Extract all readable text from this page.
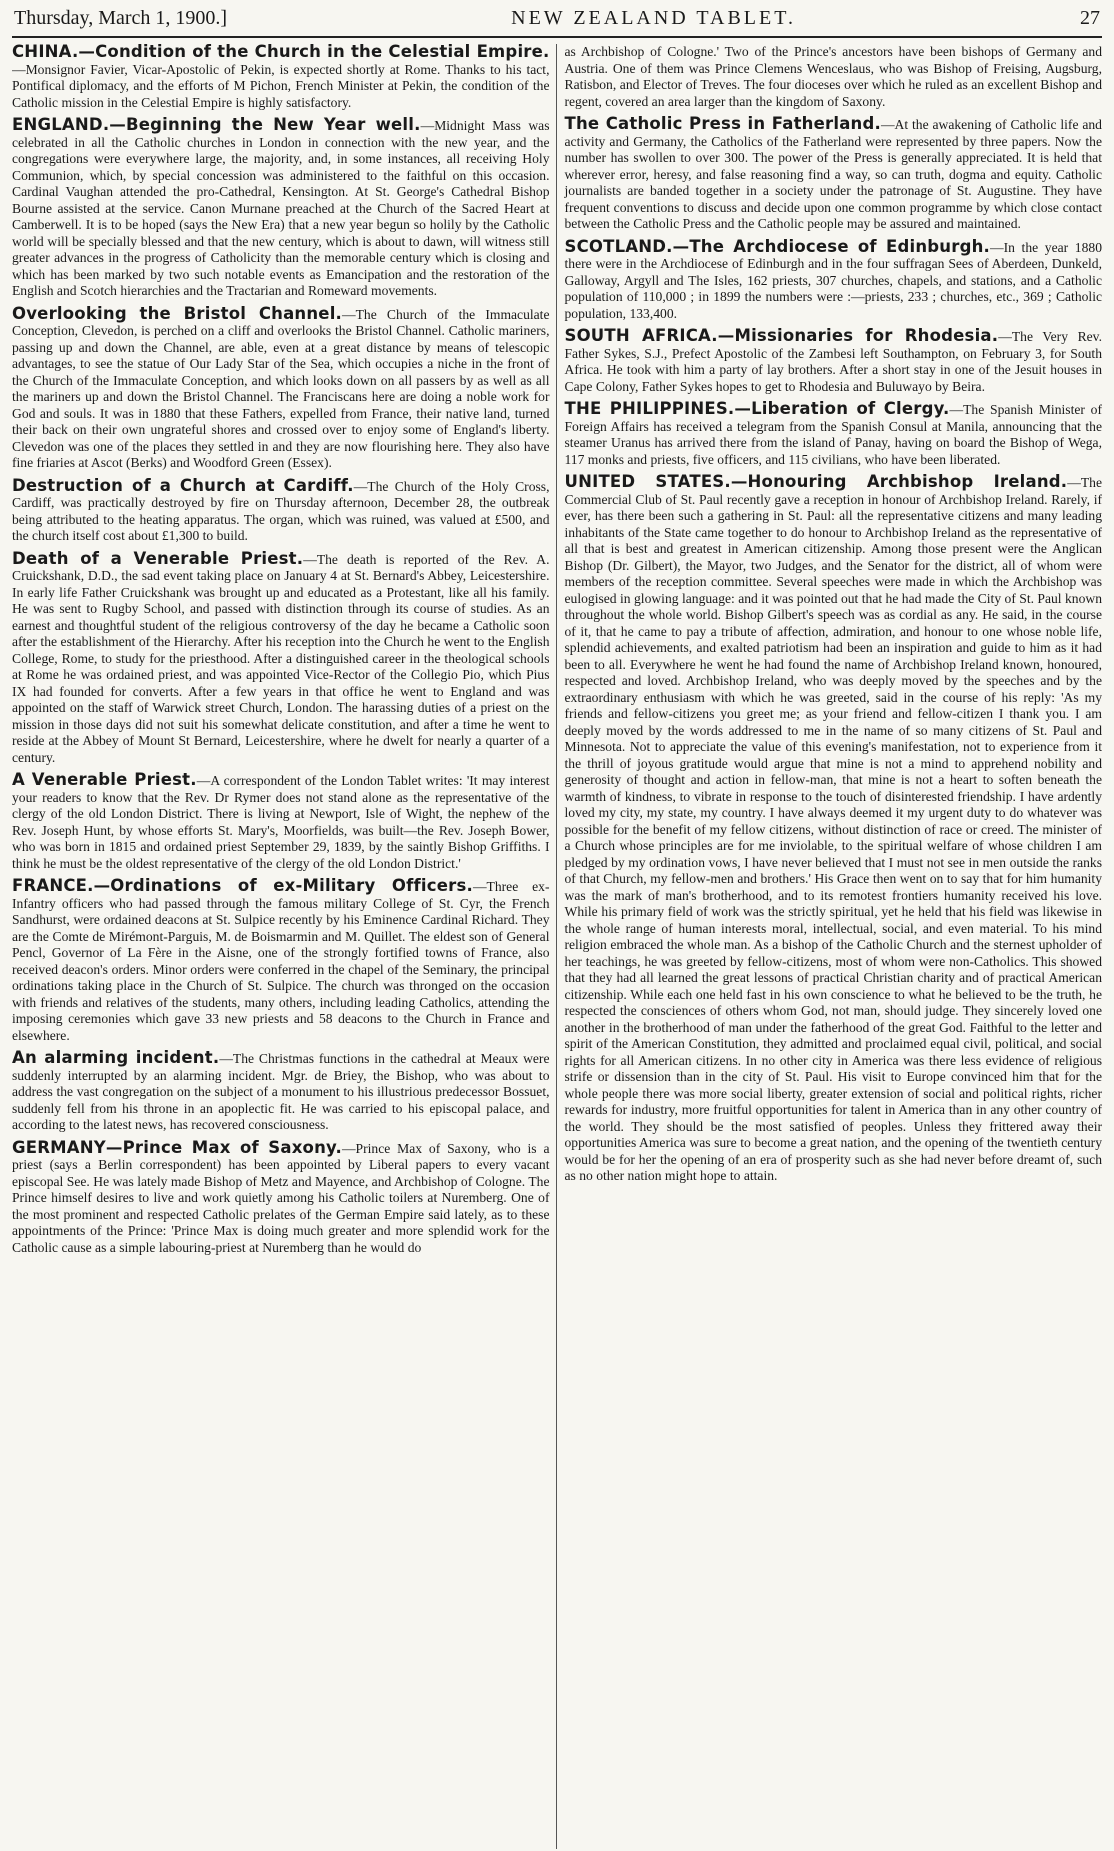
Thursday, March 1, 1900.]	NEW ZEALAND TABLET.	27

CHINA.—Condition of the Church in the Celestial Empire.—Monsignor Favier, Vicar-Apostolic of Pekin, is expected shortly at Rome. Thanks to his tact, Pontifical diplomacy, and the efforts of M Pichon, French Minister at Pekin, the condition of the Catholic mission in the Celestial Empire is highly satisfactory.

ENGLAND.—Beginning the New Year well.—Midnight Mass was celebrated in all the Catholic churches in London in connection with the new year, and the congregations were everywhere large, the majority, and, in some instances, all receiving Holy Communion, which, by special concession was administered to the faithful on this occasion. Cardinal Vaughan attended the pro-Cathedral, Kensington. At St. George's Cathedral Bishop Bourne assisted at the service. Canon Murnane preached at the Church of the Sacred Heart at Camberwell. It is to be hoped (says the New Era) that a new year begun so holily by the Catholic world will be specially blessed and that the new century, which is about to dawn, will witness still greater advances in the progress of Catholicity than the memorable century which is closing and which has been marked by two such notable events as Emancipation and the restoration of the English and Scotch hierarchies and the Tractarian and Romeward movements.

Overlooking the Bristol Channel.—The Church of the Immaculate Conception, Clevedon, is perched on a cliff and overlooks the Bristol Channel. Catholic mariners, passing up and down the Channel, are able, even at a great distance by means of telescopic advantages, to see the statue of Our Lady Star of the Sea, which occupies a niche in the front of the Church of the Immaculate Conception, and which looks down on all passers by as well as all the mariners up and down the Bristol Channel. The Franciscans here are doing a noble work for God and souls. It was in 1880 that these Fathers, expelled from France, their native land, turned their back on their own ungrateful shores and crossed over to enjoy some of England's liberty. Clevedon was one of the places they settled in and they are now flourishing here. They also have fine friaries at Ascot (Berks) and Woodford Green (Essex).

Destruction of a Church at Cardiff.—The Church of the Holy Cross, Cardiff, was practically destroyed by fire on Thursday afternoon, December 28, the outbreak being attributed to the heating apparatus. The organ, which was ruined, was valued at £500, and the church itself cost about £1,300 to build.

Death of a Venerable Priest.—The death is reported of the Rev. A. Cruickshank, D.D., the sad event taking place on January 4 at St. Bernard's Abbey, Leicestershire. In early life Father Cruickshank was brought up and educated as a Protestant, like all his family. He was sent to Rugby School, and passed with distinction through its course of studies. As an earnest and thoughtful student of the religious controversy of the day he became a Catholic soon after the establishment of the Hierarchy. After his reception into the Church he went to the English College, Rome, to study for the priesthood. After a distinguished career in the theological schools at Rome he was ordained priest, and was appointed Vice-Rector of the Collegio Pio, which Pius IX had founded for converts. After a few years in that office he went to England and was appointed on the staff of Warwick street Church, London. The harassing duties of a priest on the mission in those days did not suit his somewhat delicate constitution, and after a time he went to reside at the Abbey of Mount St Bernard, Leicestershire, where he dwelt for nearly a quarter of a century.

A Venerable Priest.—A correspondent of the London Tablet writes: 'It may interest your readers to know that the Rev. Dr Rymer does not stand alone as the representative of the clergy of the old London District. There is living at Newport, Isle of Wight, the nephew of the Rev. Joseph Hunt, by whose efforts St. Mary's, Moorfields, was built—the Rev. Joseph Bower, who was born in 1815 and ordained priest September 29, 1839, by the saintly Bishop Griffiths. I think he must be the oldest representative of the clergy of the old London District.'

FRANCE.—Ordinations of ex-Military Officers.—Three ex-Infantry officers who had passed through the famous military College of St. Cyr, the French Sandhurst, were ordained deacons at St. Sulpice recently by his Eminence Cardinal Richard. They are the Comte de Mirémont-Parguis, M. de Boismarmin and M. Quillet. The eldest son of General Pencl, Governor of La Fère in the Aisne, one of the strongly fortified towns of France, also received deacon's orders. Minor orders were conferred in the chapel of the Seminary, the principal ordinations taking place in the Church of St. Sulpice. The church was thronged on the occasion with friends and relatives of the students, many others, including leading Catholics, attending the imposing ceremonies which gave 33 new priests and 58 deacons to the Church in France and elsewhere.

An alarming incident.—The Christmas functions in the cathedral at Meaux were suddenly interrupted by an alarming incident. Mgr. de Briey, the Bishop, who was about to address the vast congregation on the subject of a monument to his illustrious predecessor Bossuet, suddenly fell from his throne in an apoplectic fit. He was carried to his episcopal palace, and according to the latest news, has recovered consciousness.

GERMANY—Prince Max of Saxony.—Prince Max of Saxony, who is a priest (says a Berlin correspondent) has been appointed by Liberal papers to every vacant episcopal See. He was lately made Bishop of Metz and Mayence, and Archbishop of Cologne. The Prince himself desires to live and work quietly among his Catholic toilers at Nuremberg. One of the most prominent and respected Catholic prelates of the German Empire said lately, as to these appointments of the Prince: 'Prince Max is doing much greater and more splendid work for the Catholic cause as a simple labouring-priest at Nuremberg than he would do

as Archbishop of Cologne.' Two of the Prince's ancestors have been bishops of Germany and Austria. One of them was Prince Clemens Wenceslaus, who was Bishop of Freising, Augsburg, Ratisbon, and Elector of Treves. The four dioceses over which he ruled as an excellent Bishop and regent, covered an area larger than the kingdom of Saxony.

The Catholic Press in Fatherland.—At the awakening of Catholic life and activity and Germany, the Catholics of the Fatherland were represented by three papers. Now the number has swollen to over 300. The power of the Press is generally appreciated. It is held that wherever error, heresy, and false reasoning find a way, so can truth, dogma and equity. Catholic journalists are banded together in a society under the patronage of St. Augustine. They have frequent conventions to discuss and decide upon one common programme by which close contact between the Catholic Press and the Catholic people may be assured and maintained.

SCOTLAND.—The Archdiocese of Edinburgh.—In the year 1880 there were in the Archdiocese of Edinburgh and in the four suffragan Sees of Aberdeen, Dunkeld, Galloway, Argyll and The Isles, 162 priests, 307 churches, chapels, and stations, and a Catholic population of 110,000 ; in 1899 the numbers were :—priests, 233 ; churches, etc., 369 ; Catholic population, 133,400.

SOUTH AFRICA.—Missionaries for Rhodesia.—The Very Rev. Father Sykes, S.J., Prefect Apostolic of the Zambesi left Southampton, on February 3, for South Africa. He took with him a party of lay brothers. After a short stay in one of the Jesuit houses in Cape Colony, Father Sykes hopes to get to Rhodesia and Buluwayo by Beira.

THE PHILIPPINES.—Liberation of Clergy.—The Spanish Minister of Foreign Affairs has received a telegram from the Spanish Consul at Manila, announcing that the steamer Uranus has arrived there from the island of Panay, having on board the Bishop of Wega, 117 monks and priests, five officers, and 115 civilians, who have been liberated.

UNITED STATES.—Honouring Archbishop Ireland.—The Commercial Club of St. Paul recently gave a reception in honour of Archbishop Ireland. Rarely, if ever, has there been such a gathering in St. Paul: all the representative citizens and many leading inhabitants of the State came together to do honour to Archbishop Ireland as the representative of all that is best and greatest in American citizenship. Among those present were the Anglican Bishop (Dr. Gilbert), the Mayor, two Judges, and the Senator for the district, all of whom were members of the reception committee. Several speeches were made in which the Archbishop was eulogised in glowing language: and it was pointed out that he had made the City of St. Paul known throughout the whole world. Bishop Gilbert's speech was as cordial as any. He said, in the course of it, that he came to pay a tribute of affection, admiration, and honour to one whose noble life, splendid achievements, and exalted patriotism had been an inspiration and guide to him as it had been to all. Everywhere he went he had found the name of Archbishop Ireland known, honoured, respected and loved. Archbishop Ireland, who was deeply moved by the speeches and by the extraordinary enthusiasm with which he was greeted, said in the course of his reply: 'As my friends and fellow-citizens you greet me; as your friend and fellow-citizen I thank you. I am deeply moved by the words addressed to me in the name of so many citizens of St. Paul and Minnesota. Not to appreciate the value of this evening's manifestation, not to experience from it the thrill of joyous gratitude would argue that mine is not a mind to apprehend nobility and generosity of thought and action in fellow-man, that mine is not a heart to soften beneath the warmth of kindness, to vibrate in response to the touch of disinterested friendship. I have ardently loved my city, my state, my country. I have always deemed it my urgent duty to do whatever was possible for the benefit of my fellow citizens, without distinction of race or creed. The minister of a Church whose principles are for me inviolable, to the spiritual welfare of whose children I am pledged by my ordination vows, I have never believed that I must not see in men outside the ranks of that Church, my fellow-men and brothers.' His Grace then went on to say that for him humanity was the mark of man's brotherhood, and to its remotest frontiers humanity received his love. While his primary field of work was the strictly spiritual, yet he held that his field was likewise in the whole range of human interests moral, intellectual, social, and even material. To his mind religion embraced the whole man. As a bishop of the Catholic Church and the sternest upholder of her teachings, he was greeted by fellow-citizens, most of whom were non-Catholics. This showed that they had all learned the great lessons of practical Christian charity and of practical American citizenship. While each one held fast in his own conscience to what he believed to be the truth, he respected the consciences of others whom God, not man, should judge. They sincerely loved one another in the brotherhood of man under the fatherhood of the great God. Faithful to the letter and spirit of the American Constitution, they admitted and proclaimed equal civil, political, and social rights for all American citizens. In no other city in America was there less evidence of religious strife or dissension than in the city of St. Paul. His visit to Europe convinced him that for the whole people there was more social liberty, greater extension of social and political rights, richer rewards for industry, more fruitful opportunities for talent in America than in any other country of the world. They should be the most satisfied of peoples. Unless they frittered away their opportunities America was sure to become a great nation, and the opening of the twentieth century would be for her the opening of an era of prosperity such as she had never before dreamt of, such as no other nation might hope to attain.
